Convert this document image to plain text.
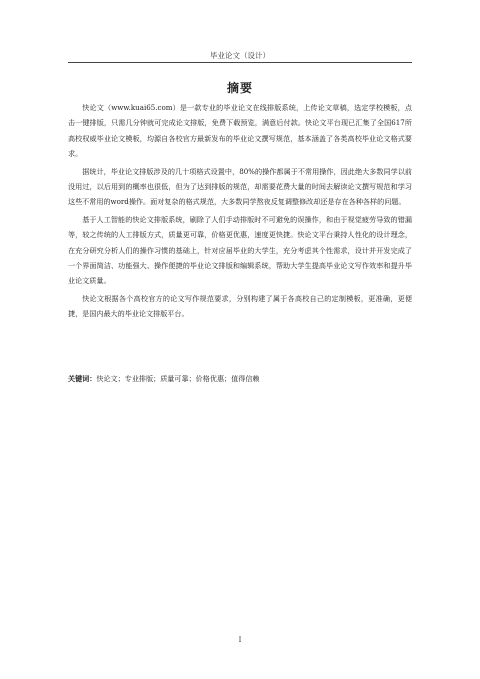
毕业论文（设计）
摘要

快论文（www.kuai65.com）是一款专业的毕业论文在线排版系统，上传论文草稿，选定学校模板，点击一键排版，只需几分钟就可完成论文排版，免费下载预览，满意后付款。快论文平台现已汇集了全国617所高校权威毕业论文模板，均源自各校官方最新发布的毕业论文撰写规范，基本涵盖了各类高校毕业论文格式要求。

据统计，毕业论文排版涉及的几十项格式设置中，80%的操作都属于不常用操作，因此绝大多数同学以前没用过，以后用到的概率也很低，但为了达到排版的规范，却需要花费大量的时间去解读论文撰写规范和学习这些不常用的word操作。面对复杂的格式规范，大多数同学熬夜反复调整修改却还是存在各种各样的问题。

基于人工智能的快论文排版系统，刷除了人们手动排版时不可避免的误操作，和由于视觉疲劳导致的错漏等，较之传统的人工排版方式，质量更可靠，价格更优惠，速度更快捷。快论文平台秉持人性化的设计理念，在充分研究分析人们的操作习惯的基础上，针对应届毕业的大学生，充分考虑其个性需求，设计并开发完成了一个界面简洁、功能强大、操作便捷的毕业论文排版和编辑系统，帮助大学生提高毕业论文写作效率和提升毕业论文质量。

快论文根据各个高校官方的论文写作规范要求，分别构建了属于各高校自己的定制模板，更准确，更便捷，是国内最大的毕业论文排版平台。

关键词：快论文；专业排版；质量可靠；价格优惠；值得信赖
I
